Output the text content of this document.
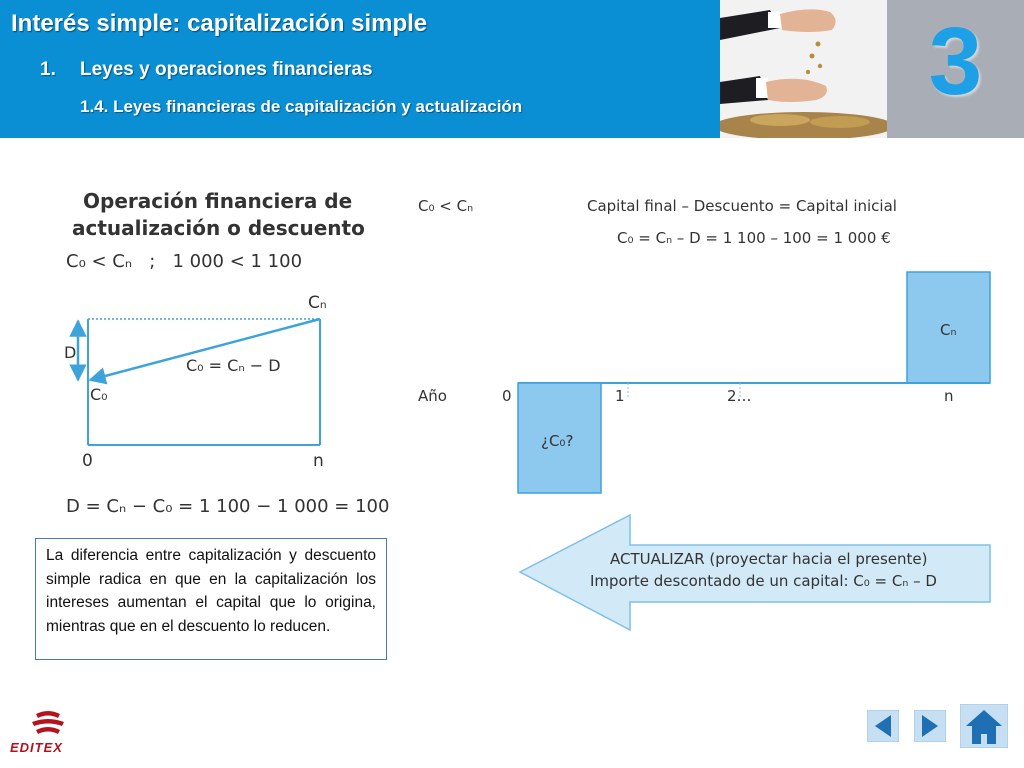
Interés simple: capitalización simple
1. Leyes y operaciones financieras
1.4. Leyes financieras de capitalización y actualización	3
Operación financiera de
actualización o descuento
C₀ < Cₙ   ;   1 000 < 1 100
Cₙ
C₀
D
C₀ = Cₙ − D
0	n
D = Cₙ − C₀ = 1 100 − 1 000 = 100
C₀ < Cₙ	Capital final – Descuento = Capital inicial
C₀ = Cₙ – D = 1 100 – 100 = 1 000 €
Cₙ
Año	0	1	2…	n
¿C₀?
ACTUALIZAR (proyectar hacia el presente)
Importe descontado de un capital: C₀ = Cₙ – D
La diferencia entre capitalización y descuento simple radica en que en la capitalización los intereses aumentan el capital que lo origina, mientras que en el descuento lo reducen.
EDITEX
